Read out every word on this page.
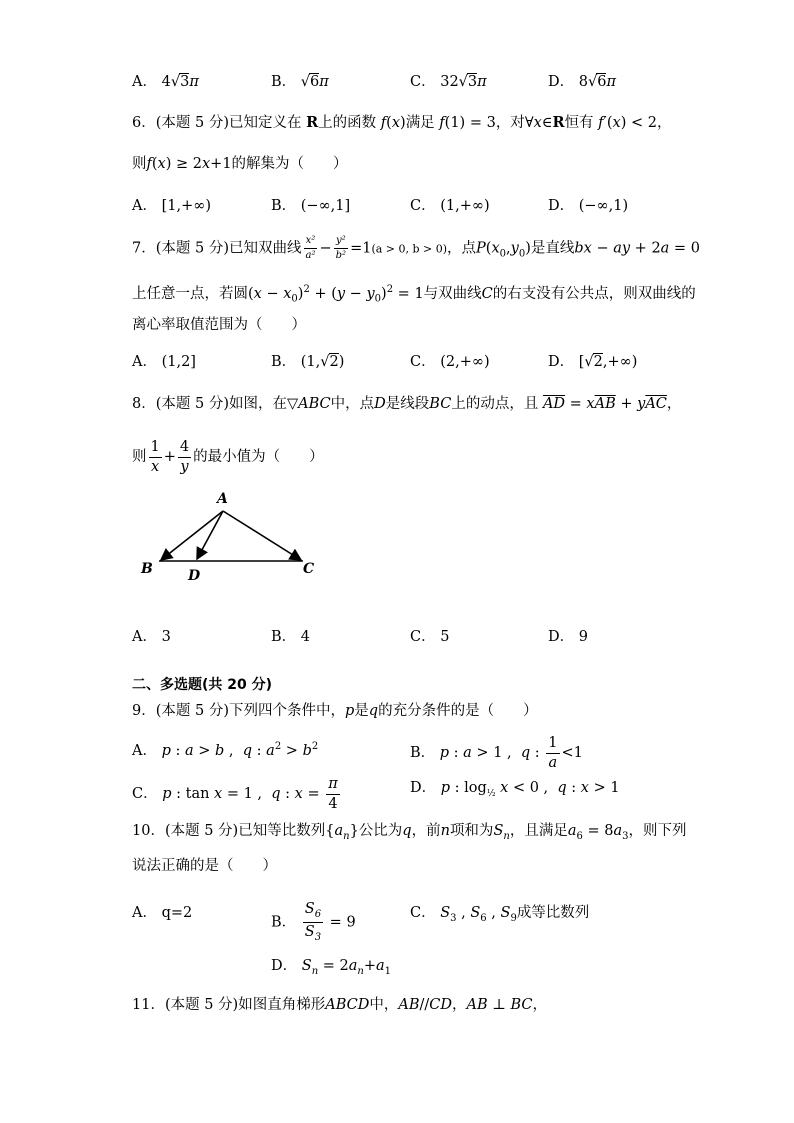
A． 4√3π	B． √6π	C． 32√3π	D． 8√6π
6．(本题 5 分)已知定义在 R上的函数 f(x)满足 f(1) = 3，对∀x∈R恒有 f′(x) < 2，
则f(x) ≥ 2x+1的解集为（　　）
A． [1,+∞)	B． (−∞,1]	C． (1,+∞)	D． (−∞,1)
7．(本题 5 分)已知双曲线 $\frac{\text{x²}}{\text{a²}} - \frac{\text{y²}}{\text{b²}} =1(a > 0$, b > 0)，点$P(x_0,y_0)$是直线bx − ay + 2a = 0
上任意一点，若圆$(x - x_0)^2 + (y - y_0)^2 = 1$与双曲线C的右支没有公共点，则双曲线的
离心率取值范围为（　　）
A． (1,2]	B． (1,√2)	C． (2,+∞)	D． [√2,+∞)
8．(本题 5 分)如图，在▽ABC中，点D是线段BC上的动点，且 $\overline{AD} = x\overline{AB} + y\overline{AC}$，
则 $\frac{1}{x} + \frac{4}{y}$ 的最小值为（　　）
A
B	C
D
A． 3	B． 4	C． 5	D． 9
二、多选题(共 20 分)
9．(本题 5 分)下列四个条件中，p是q的充分条件的是（　　）
A． p : a > b ,  q : $a^2 > b^2$	B． p : a > 1 ,  q : $\frac{1}{a} <1$
C． p : tan x = 1 ,  q : $x = \frac{\pi}{4}$	D． p : $\log_{\frac{1}{2}} x < 0$ ,  q : x > 1
10．(本题 5 分)已知等比数列$\{a_n\}$公比为q，前n项和为$S_n$，且满足$a_6 = 8a_3$，则下列
说法正确的是（　　）
A． q=2
B． $\frac{S_6}{S_3} = 9$
C． $S_3$ , $S_6$ , $S_9$成等比数列
D． $S_n = 2a_n+a_1$
11．(本题 5 分)如图直角梯形ABCD中，AB//CD，AB ⊥ BC，
